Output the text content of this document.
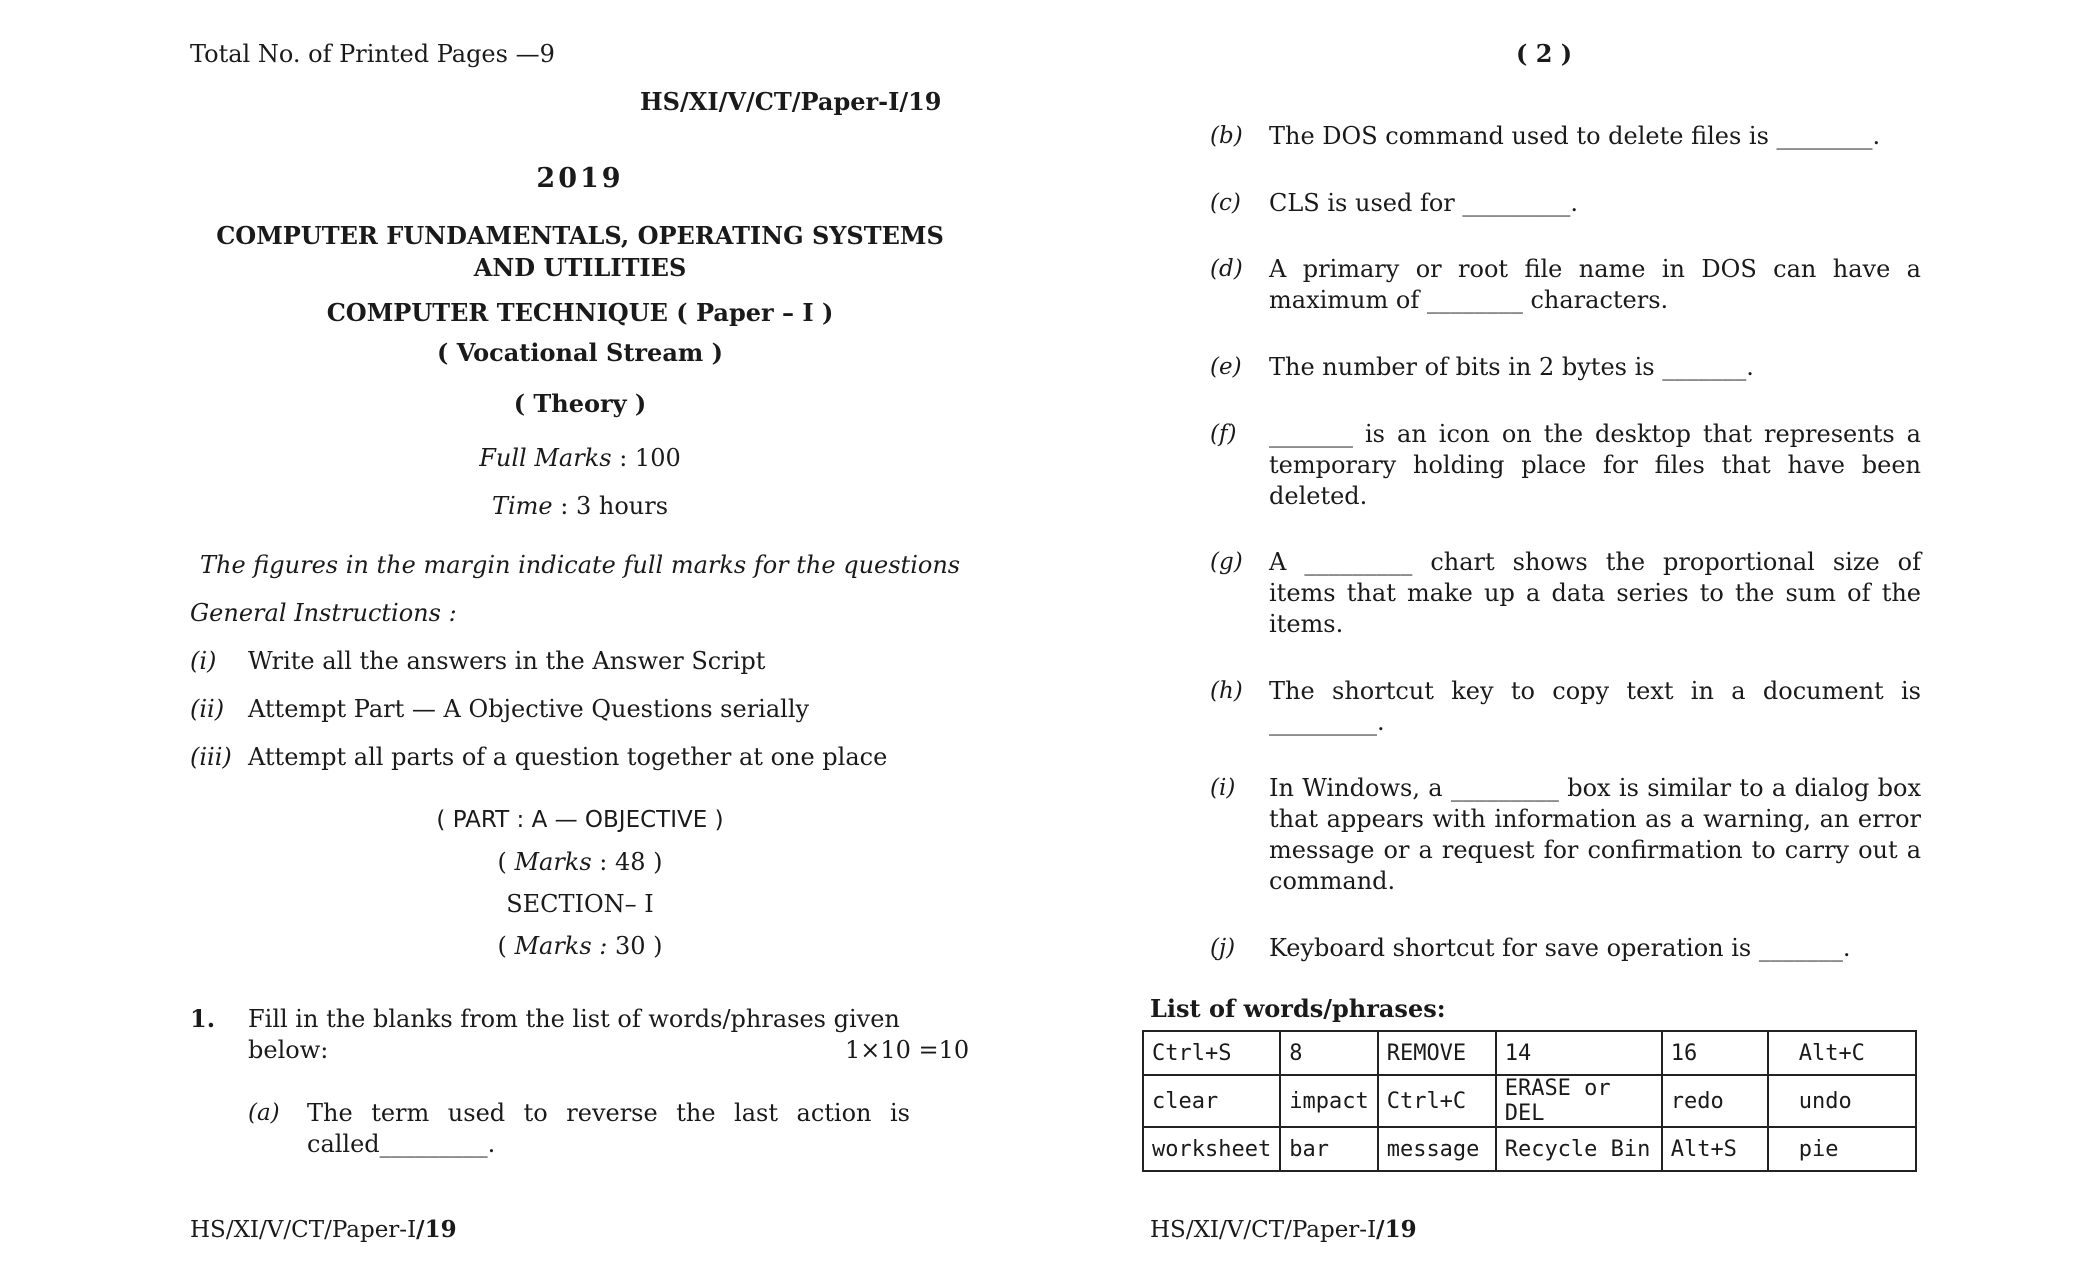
Total No. of Printed Pages —9
HS/XI/V/CT/Paper-I/19
2019
COMPUTER FUNDAMENTALS, OPERATING SYSTEMS
AND UTILITIES
COMPUTER TECHNIQUE ( Paper – I )
( Vocational Stream )
( Theory )
Full Marks : 100
Time : 3 hours
The figures in the margin indicate full marks for the questions
General Instructions :
(i) Write all the answers in the Answer Script
(ii) Attempt Part — A Objective Questions serially
(iii) Attempt all parts of a question together at one place
( PART : A — OBJECTIVE )
( Marks : 48 )
SECTION– I
( Marks : 30 )
1. Fill in the blanks from the list of words/phrases given
below:	1×10 =10
(a) The term used to reverse the last action is called_________.
HS/XI/V/CT/Paper-I/19
( 2 )
(b) The DOS command used to delete files is ________.
(c) CLS is used for _________.
(d) A primary or root file name in DOS can have a maximum of ________ characters.
(e) The number of bits in 2 bytes is _______.
(f) _______ is an icon on the desktop that represents a temporary holding place for files that have been deleted.
(g) A _________ chart shows the proportional size of items that make up a data series to the sum of the items.
(h) The shortcut key to copy text in a document is _________.
(i) In Windows, a _________ box is similar to a dialog box that appears with information as a warning, an error message or a request for confirmation to carry out a command.
(j) Keyboard shortcut for save operation is _______.
List of words/phrases:
Ctrl+S	8	REMOVE	14	16	Alt+C
clear	impact	Ctrl+C	ERASE or DEL	redo	undo
worksheet	bar	message	Recycle Bin	Alt+S	pie
HS/XI/V/CT/Paper-I/19
